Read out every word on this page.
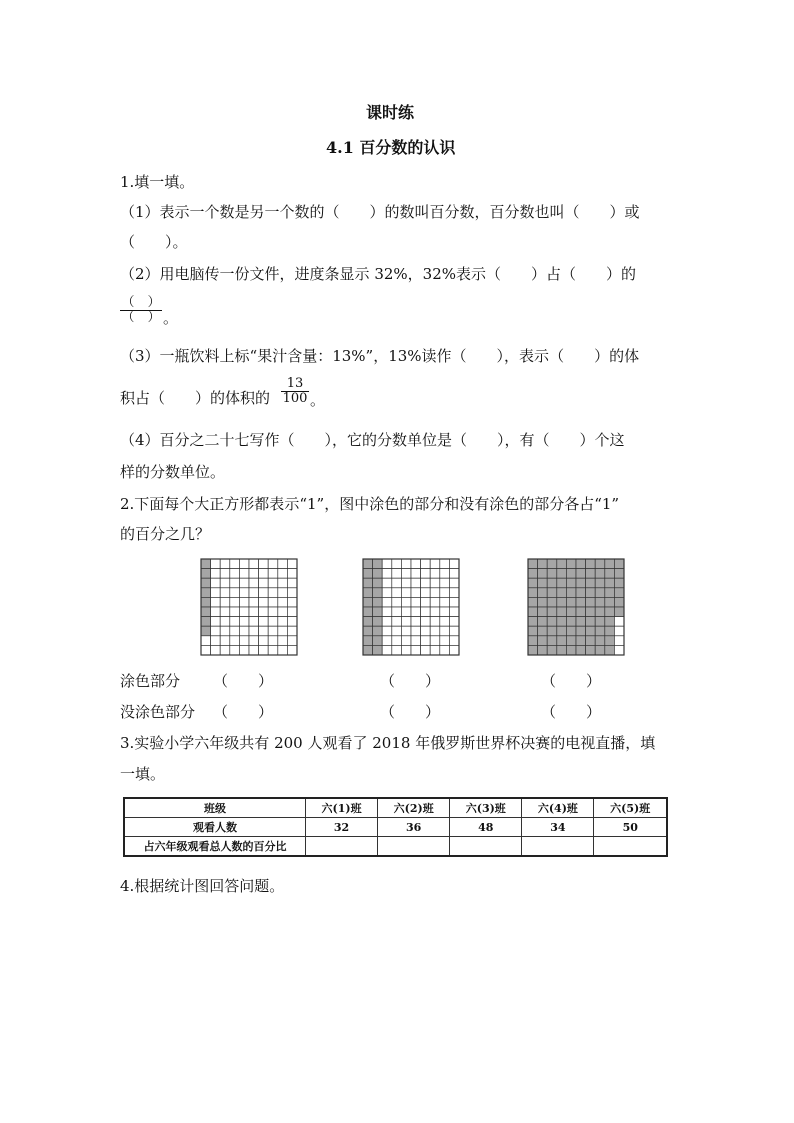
课时练
4.1 百分数的认识
1.填一填。
（1）表示一个数是另一个数的（　　）的数叫百分数，百分数也叫（　　）或
（　　）。
（2）用电脑传一份文件，进度条显示 32%，32%表示（　　）占（　　）的
（　）
（　） 。
（3）一瓶饮料上标“果汁含量：13%”，13%读作（　　），表示（　　）的体
积占（　　）的体积的
13
100 。
（4）百分之二十七写作（　　），它的分数单位是（　　），有（　　）个这
样的分数单位。
2.下面每个大正方形都表示“1”，图中涂色的部分和没有涂色的部分各占“1”
的百分之几？
涂色部分 （　　）	（　　）	（　　）
没涂色部分 （　　）	（　　）	（　　）
3.实验小学六年级共有 200 人观看了 2018 年俄罗斯世界杯决赛的电视直播，填
一填。
班级	六(1)班	六(2)班	六(3)班	六(4)班	六(5)班
观看人数	32	36	48	34	50
占六年级观看总人数的百分比					
4.根据统计图回答问题。
